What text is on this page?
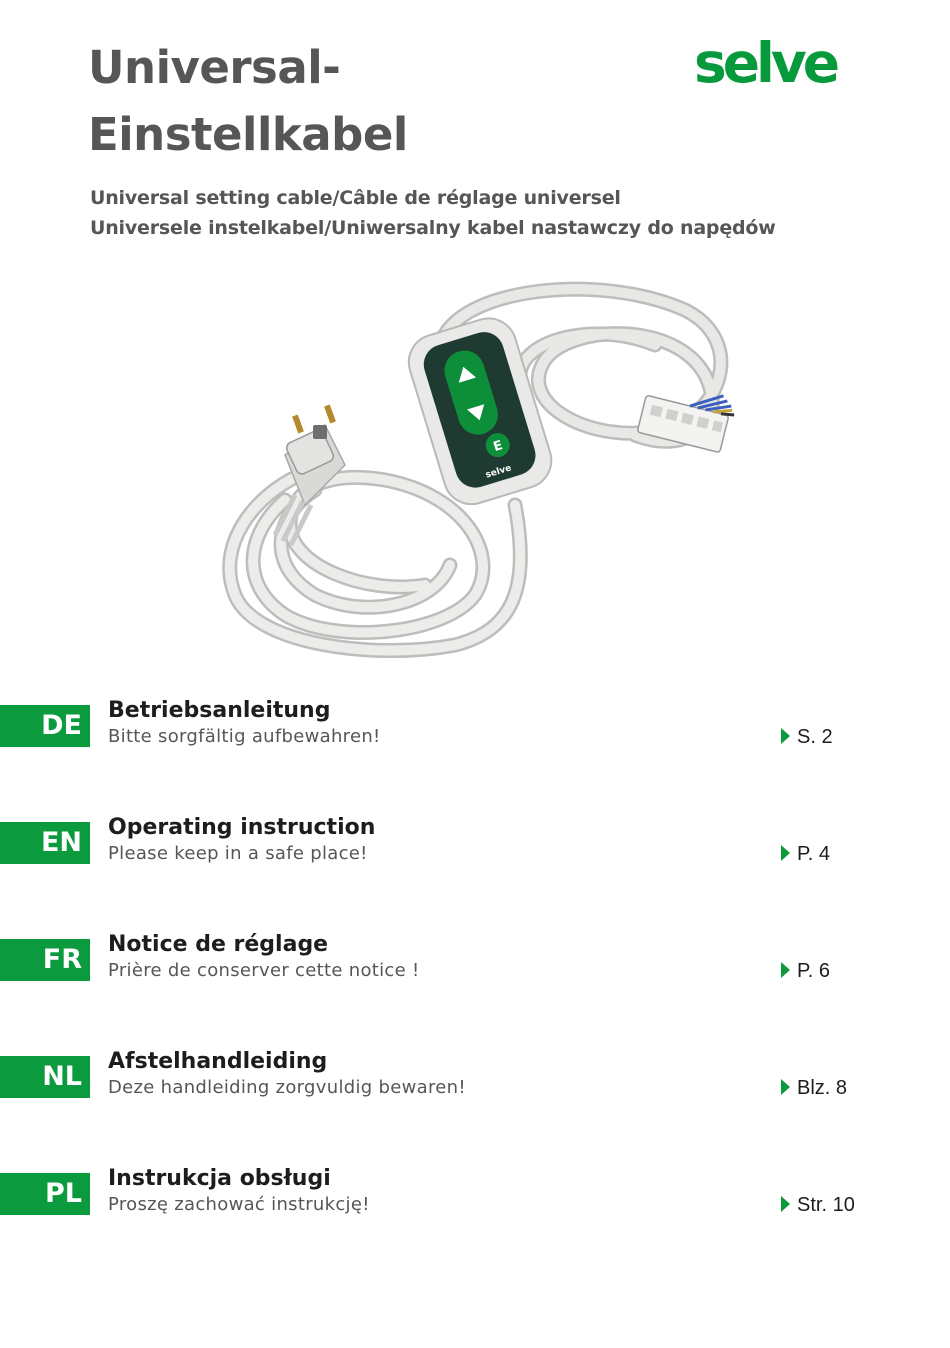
Universal-
Einstellkabel
selve
Universal setting cable/Câble de réglage universel
Universele instelkabel/Uniwersalny kabel nastawczy do napędów
E
selve
DE	Betriebsanleitung
Bitte sorgfältig aufbewahren!	S. 2
EN	Operating instruction
Please keep in a safe place!	P. 4
FR	Notice de réglage
Prière de conserver cette notice !	P. 6
NL	Afstelhandleiding
Deze handleiding zorgvuldig bewaren!	Blz. 8
PL	Instrukcja obsługi
Proszę zachować instrukcję!	Str. 10
